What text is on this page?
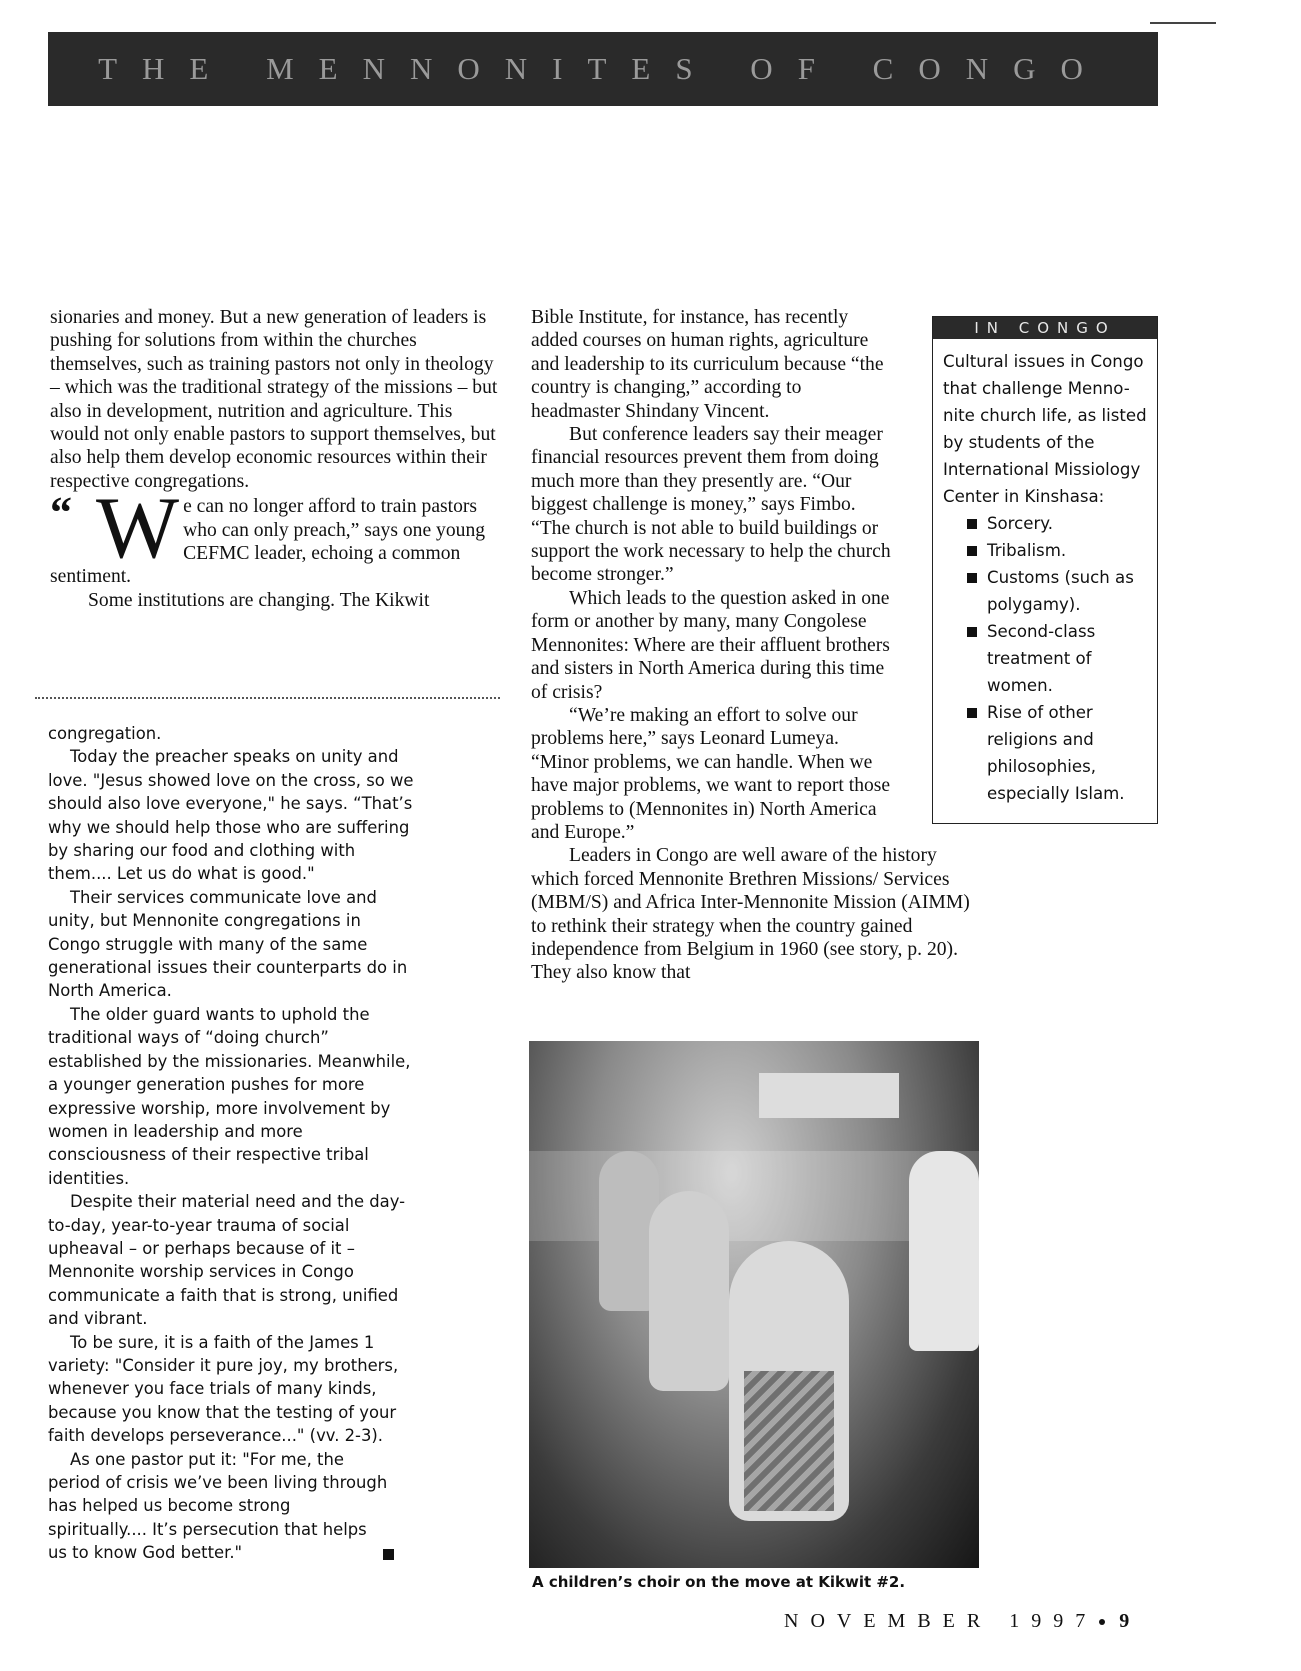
THE MENNONITES OF CONGO

sionaries and money. But a new generation of leaders is pushing for solutions from within the churches themselves, such as training pastors not only in theology – which was the traditional strategy of the missions – but also in development, nutrition and agriculture. This would not only enable pastors to support themselves, but also help them develop economic resources within their respective congregations.

“ W e can no longer afford to train pastors who can only preach,” says one young CEFMC leader, echoing a common sentiment.

Some institutions are changing. The Kikwit

congregation.

Today the preacher speaks on unity and love. "Jesus showed love on the cross, so we should also love everyone," he says. “That’s why we should help those who are suffering by sharing our food and clothing with them.... Let us do what is good."

Their services communicate love and unity, but Mennonite congregations in Congo struggle with many of the same generational issues their counterparts do in North America.

The older guard wants to uphold the traditional ways of “doing church” established by the missionaries. Meanwhile, a younger generation pushes for more expressive worship, more involvement by women in leadership and more consciousness of their respective tribal identities.

Despite their material need and the day-to-day, year-to-year trauma of social upheaval – or perhaps because of it – Mennonite worship services in Congo communicate a faith that is strong, unified and vibrant.

To be sure, it is a faith of the James 1 variety: "Consider it pure joy, my brothers, whenever you face trials of many kinds, because you know that the testing of your faith develops perseverance..." (vv. 2-3).

As one pastor put it: "For me, the period of crisis we’ve been living through has helped us become strong spiritually.... It’s persecution that helps us to know God better."

Bible Institute, for instance, has recently added courses on human rights, agriculture and leadership to its curriculum because “the country is changing,” according to headmaster Shindany Vincent.

But conference leaders say their meager financial resources prevent them from doing much more than they presently are. “Our biggest challenge is money,” says Fimbo. “The church is not able to build buildings or support the work necessary to help the church become stronger.”

Which leads to the question asked in one form or another by many, many Congolese Mennonites: Where are their affluent brothers and sisters in North America during this time of crisis?

“We’re making an effort to solve our problems here,” says Leonard Lumeya. “Minor problems, we can handle. When we have major problems, we want to report those problems to (Mennonites in) North America and Europe.”

Leaders in Congo are well aware of the history which forced Mennonite Brethren Missions/ Services (MBM/S) and Africa Inter-Mennonite Mission (AIMM) to rethink their strategy when the country gained independence from Belgium in 1960 (see story, p. 20). They also know that

IN CONGO

Cultural issues in Congo that challenge Menno-nite church life, as listed by students of the International Missiology Center in Kinshasa:

Sorcery.
Tribalism.
Customs (such as polygamy).
Second-class treatment of women.
Rise of other religions and philosophies, especially Islam.
A children’s choir on the move at Kikwit #2.
NOVEMBER 1997 9
